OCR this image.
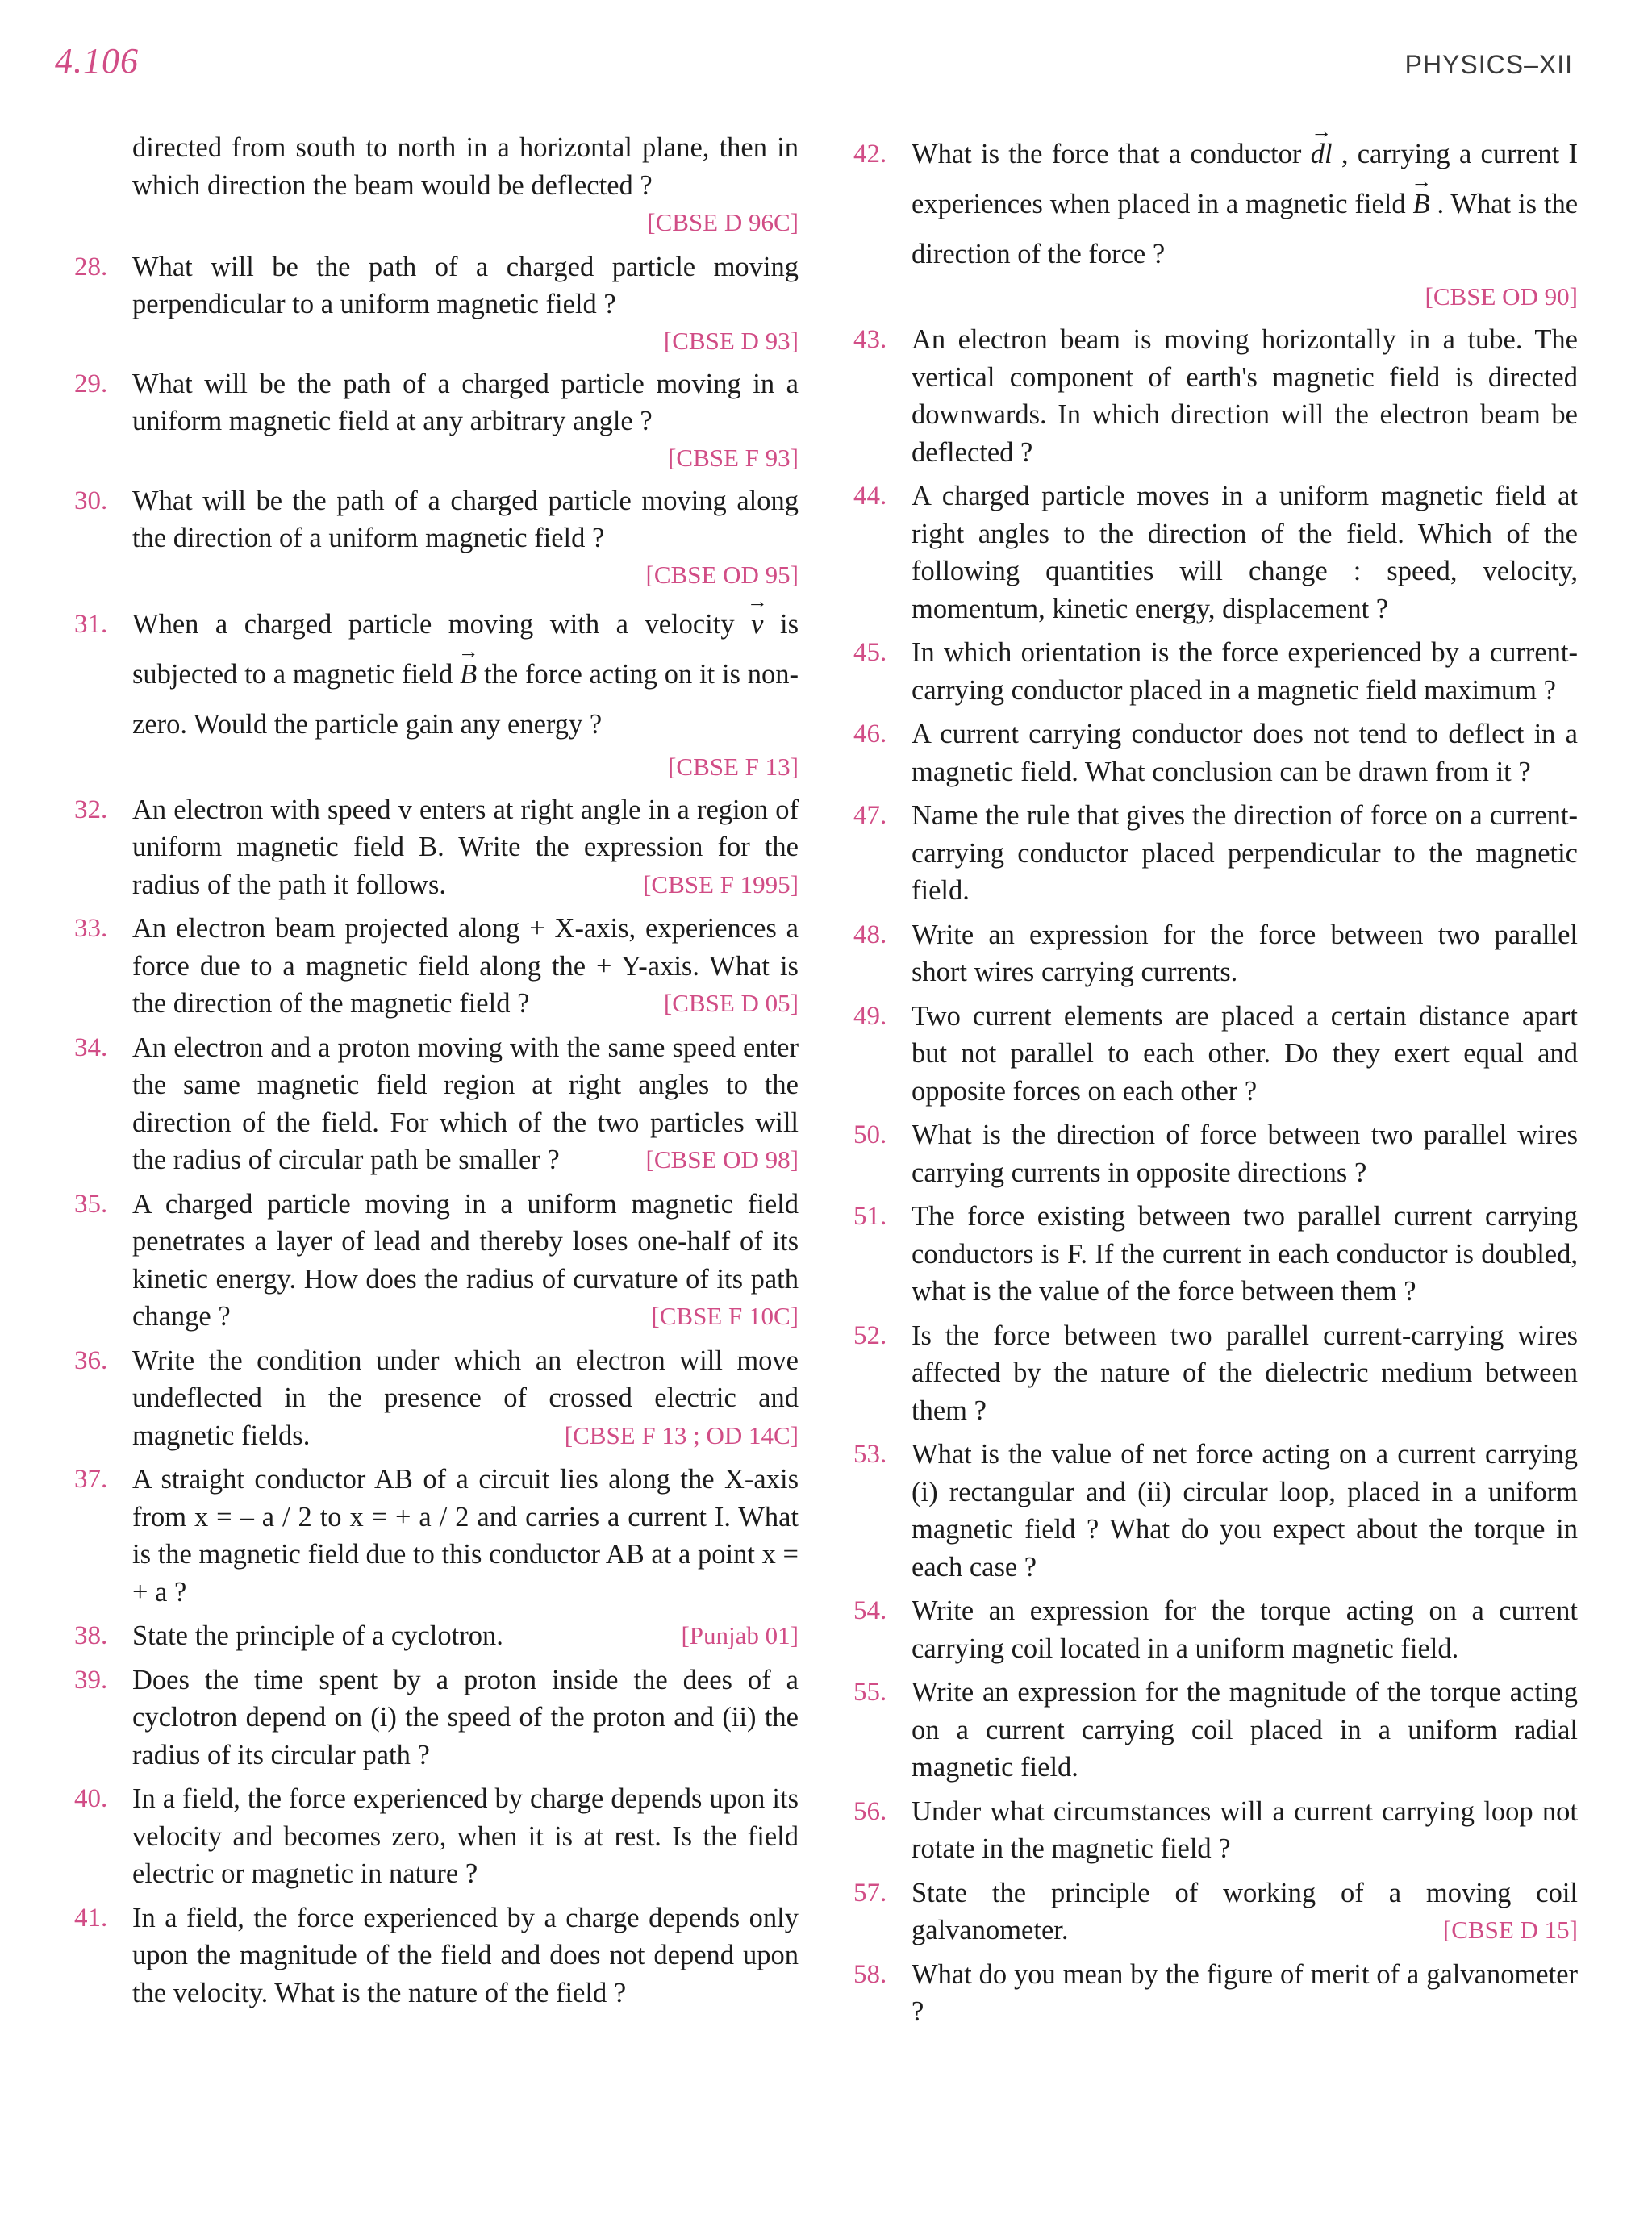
4.106	PHYSICS–XII
directed from south to north in a horizontal plane, then in which direction the beam would be deflected ?
[CBSE D 96C]
28. What will be the path of a charged particle moving perpendicular to a uniform magnetic field ?
[CBSE D 93]
29. What will be the path of a charged particle moving in a uniform magnetic field at any arbitrary angle ?
[CBSE F 93]
30. What will be the path of a charged particle moving along the direction of a uniform magnetic field ?
[CBSE OD 95]
31. When a charged particle moving with a velocity → v is subjected to a magnetic field → B the force acting on it is non-zero. Would the particle gain any energy ?
[CBSE F 13]
32. An electron with speed v enters at right angle in a region of uniform magnetic field B. Write the expression for the radius of the path it follows.	[CBSE F 1995]
33. An electron beam projected along + X-axis, experiences a force due to a magnetic field along the + Y-axis. What is the direction of the magnetic field ?	[CBSE D 05]
34. An electron and a proton moving with the same speed enter the same magnetic field region at right angles to the direction of the field. For which of the two particles will the radius of circular path be smaller ?	[CBSE OD 98]
35. A charged particle moving in a uniform magnetic field penetrates a layer of lead and thereby loses one-half of its kinetic energy. How does the radius of curvature of its path change ?	[CBSE F 10C]
36. Write the condition under which an electron will move undeflected in the presence of crossed electric and magnetic fields.	[CBSE F 13 ; OD 14C]
37. A straight conductor AB of a circuit lies along the X-axis from x = – a / 2 to x = + a / 2 and carries a current I. What is the magnetic field due to this conductor AB at a point x = + a ?
38. State the principle of a cyclotron.	[Punjab 01]
39. Does the time spent by a proton inside the dees of a cyclotron depend on (i) the speed of the proton and (ii) the radius of its circular path ?
40. In a field, the force experienced by charge depends upon its velocity and becomes zero, when it is at rest. Is the field electric or magnetic in nature ?
41. In a field, the force experienced by a charge depends only upon the magnitude of the field and does not depend upon the velocity. What is the nature of the field ?
42. What is the force that a conductor → dl , carrying a current I experiences when placed in a magnetic field → B . What is the direction of the force ?
[CBSE OD 90]
43. An electron beam is moving horizontally in a tube. The vertical component of earth's magnetic field is directed downwards. In which direction will the electron beam be deflected ?
44. A charged particle moves in a uniform magnetic field at right angles to the direction of the field. Which of the following quantities will change : speed, velocity, momentum, kinetic energy, displacement ?
45. In which orientation is the force experienced by a current-carrying conductor placed in a magnetic field maximum ?
46. A current carrying conductor does not tend to deflect in a magnetic field. What conclusion can be drawn from it ?
47. Name the rule that gives the direction of force on a current-carrying conductor placed perpendicular to the magnetic field.
48. Write an expression for the force between two parallel short wires carrying currents.
49. Two current elements are placed a certain distance apart but not parallel to each other. Do they exert equal and opposite forces on each other ?
50. What is the direction of force between two parallel wires carrying currents in opposite directions ?
51. The force existing between two parallel current carrying conductors is F. If the current in each conductor is doubled, what is the value of the force between them ?
52. Is the force between two parallel current-carrying wires affected by the nature of the dielectric medium between them ?
53. What is the value of net force acting on a current carrying (i) rectangular and (ii) circular loop, placed in a uniform magnetic field ? What do you expect about the torque in each case ?
54. Write an expression for the torque acting on a current carrying coil located in a uniform magnetic field.
55. Write an expression for the magnitude of the torque acting on a current carrying coil placed in a uniform radial magnetic field.
56. Under what circumstances will a current carrying loop not rotate in the magnetic field ?
57. State the principle of working of a moving coil galvanometer.	[CBSE D 15]
58. What do you mean by the figure of merit of a galvanometer ?
